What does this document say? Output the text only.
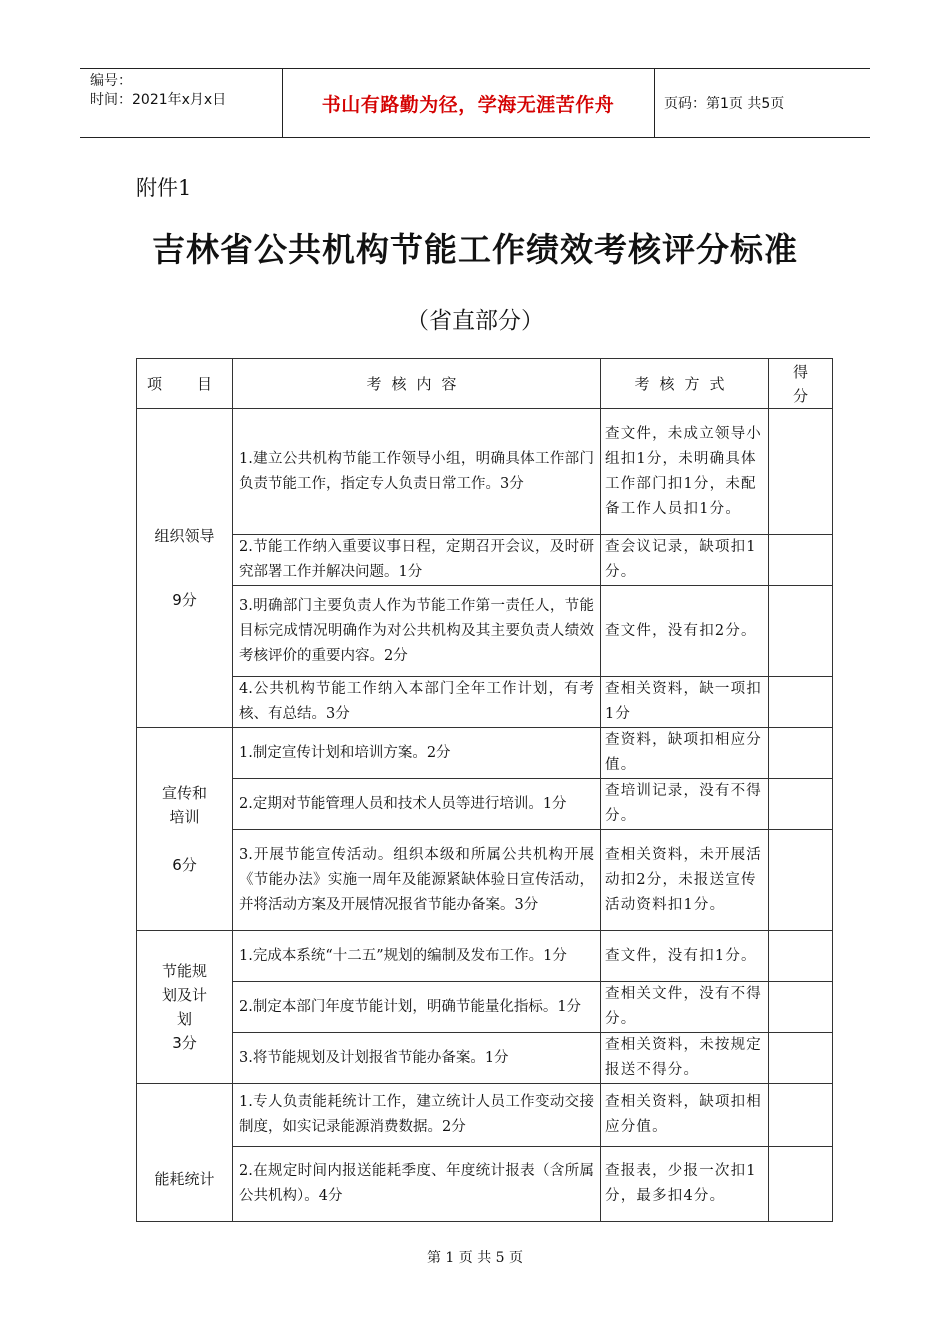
编号：
时间：2021年x月x日	书山有路勤为径，学海无涯苦作舟	页码：第1页 共5页
附件1
吉林省公共机构节能工作绩效考核评分标准
（省直部分）
项　目	考核内容	考核方式	得分

组织领导
9分	1.建立公共机构节能工作领导小组，明确具体工作部门负责节能工作，指定专人负责日常工作。3分	查文件，未成立领导小组扣1分，未明确具体工作部门扣1分，未配备工作人员扣1分。	
	2.节能工作纳入重要议事日程，定期召开会议，及时研究部署工作并解决问题。1分	查会议记录，缺项扣1分。	
	3.明确部门主要负责人作为节能工作第一责任人，节能目标完成情况明确作为对公共机构及其主要负责人绩效考核评价的重要内容。2分	查文件，没有扣2分。	
	4.公共机构节能工作纳入本部门全年工作计划，有考核、有总结。3分	查相关资料，缺一项扣1分	

宣传和培训
6分	1.制定宣传计划和培训方案。2分	查资料，缺项扣相应分值。	
	2.定期对节能管理人员和技术人员等进行培训。1分	查培训记录，没有不得分。	
	3.开展节能宣传活动。组织本级和所属公共机构开展《节能办法》实施一周年及能源紧缺体验日宣传活动，并将活动方案及开展情况报省节能办备案。3分	查相关资料，未开展活动扣2分，未报送宣传活动资料扣1分。	

节能规划及计划
3分	1.完成本系统“十二五”规划的编制及发布工作。1分	查文件，没有扣1分。	
	2.制定本部门年度节能计划，明确节能量化指标。1分	查相关文件，没有不得分。	
	3.将节能规划及计划报省节能办备案。1分	查相关资料，未按规定报送不得分。	

能耗统计	1.专人负责能耗统计工作，建立统计人员工作变动交接制度，如实记录能源消费数据。2分	查相关资料，缺项扣相应分值。	
	2.在规定时间内报送能耗季度、年度统计报表（含所属公共机构）。4分	查报表，少报一次扣1分，最多扣4分。	
第 1 页 共 5 页
